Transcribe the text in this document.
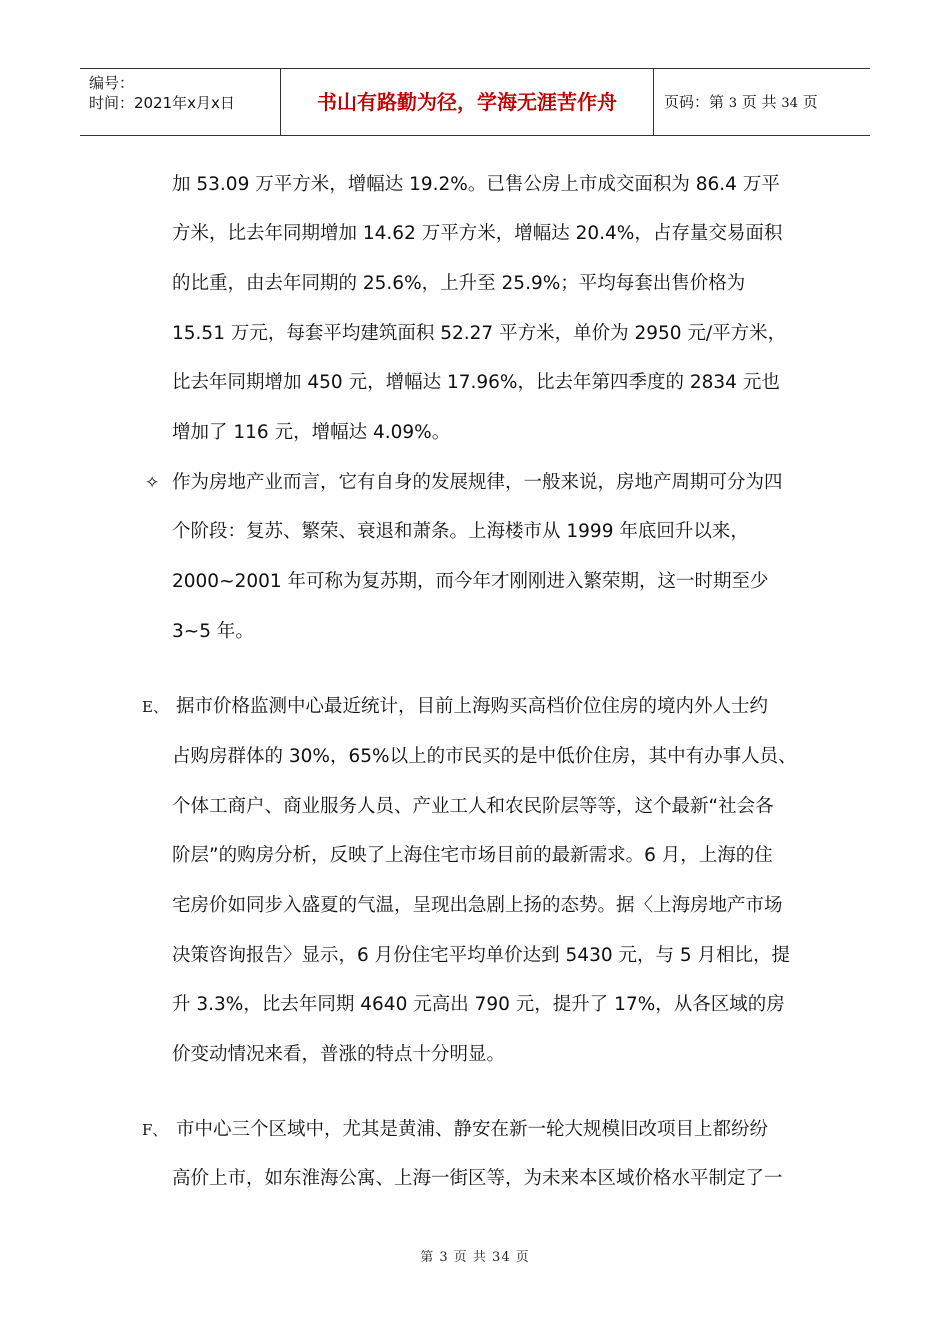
编号：
时间：2021年x月x日	书山有路勤为径，学海无涯苦作舟	页码：第 3 页 共 34 页
加 53.09 万平方米，增幅达 19.2%。已售公房上市成交面积为 86.4 万平
方米，比去年同期增加 14.62 万平方米，增幅达 20.4%，占存量交易面积
的比重，由去年同期的 25.6%，上升至 25.9%；平均每套出售价格为
15.51 万元，每套平均建筑面积 52.27 平方米，单价为 2950 元/平方米，
比去年同期增加 450 元，增幅达 17.96%，比去年第四季度的 2834 元也
增加了 116 元，增幅达 4.09%。
✧ 作为房地产业而言，它有自身的发展规律，一般来说，房地产周期可分为四
个阶段：复苏、繁荣、衰退和萧条。上海楼市从 1999 年底回升以来，
2000~2001 年可称为复苏期，而今年才刚刚进入繁荣期，这一时期至少
3~5 年。
E、 据市价格监测中心最近统计，目前上海购买高档价位住房的境内外人士约
占购房群体的 30%，65%以上的市民买的是中低价住房，其中有办事人员、
个体工商户、商业服务人员、产业工人和农民阶层等等，这个最新“社会各
阶层”的购房分析，反映了上海住宅市场目前的最新需求。6 月，上海的住
宅房价如同步入盛夏的气温，呈现出急剧上扬的态势。据〈上海房地产市场
决策咨询报告〉显示，6 月份住宅平均单价达到 5430 元，与 5 月相比，提
升 3.3%，比去年同期 4640 元高出 790 元，提升了 17%，从各区域的房
价变动情况来看，普涨的特点十分明显。
F、 市中心三个区域中，尤其是黄浦、静安在新一轮大规模旧改项目上都纷纷
高价上市，如东淮海公寓、上海一街区等，为未来本区域价格水平制定了一
第 3 页 共 34 页
